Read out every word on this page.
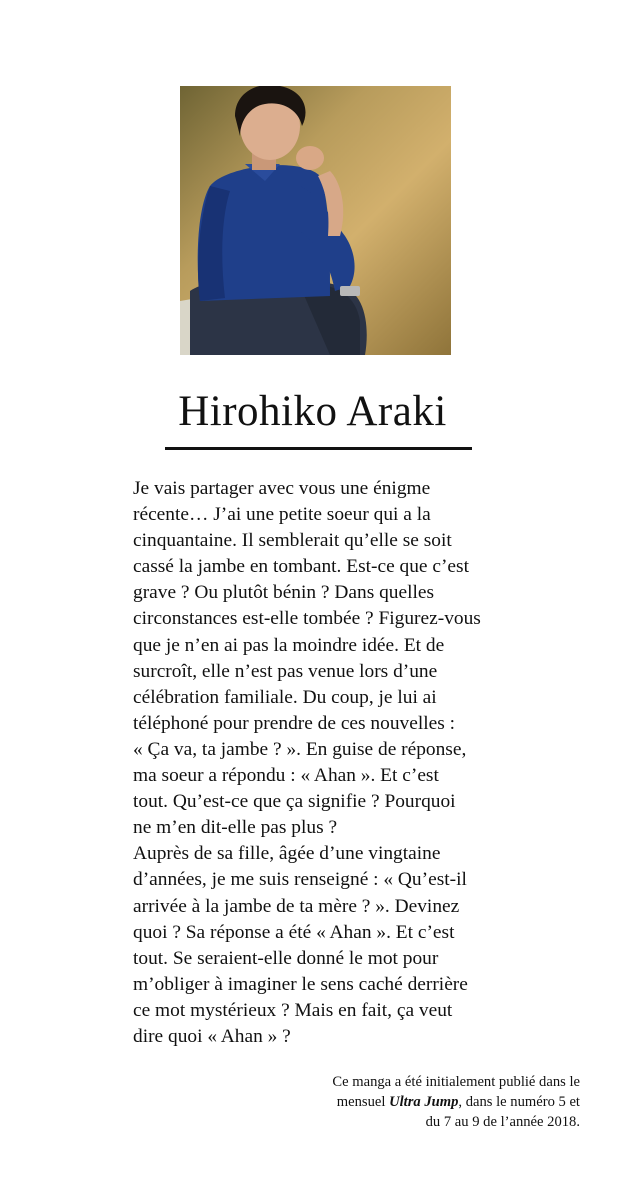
Hirohiko Araki

Je vais partager avec vous une énigme
récente… J’ai une petite soeur qui a la
cinquantaine. Il semblerait qu’elle se soit
cassé la jambe en tombant. Est-ce que c’est
grave ? Ou plutôt bénin ? Dans quelles
circonstances est-elle tombée ? Figurez-vous
que je n’en ai pas la moindre idée. Et de
surcroît, elle n’est pas venue lors d’une
célébration familiale. Du coup, je lui ai
téléphoné pour prendre de ces nouvelles :
« Ça va, ta jambe ? ». En guise de réponse,
ma soeur a répondu : « Ahan ». Et c’est
tout. Qu’est-ce que ça signifie ? Pourquoi
ne m’en dit-elle pas plus ?

Auprès de sa fille, âgée d’une vingtaine
d’années, je me suis renseigné : « Qu’est-il
arrivée à la jambe de ta mère ? ». Devinez
quoi ? Sa réponse a été « Ahan ». Et c’est
tout. Se seraient-elle donné le mot pour
m’obliger à imaginer le sens caché derrière
ce mot mystérieux ? Mais en fait, ça veut
dire quoi « Ahan » ?

Ce manga a été initialement publié dans le
mensuel Ultra Jump, dans le numéro 5 et
du 7 au 9 de l’année 2018.
